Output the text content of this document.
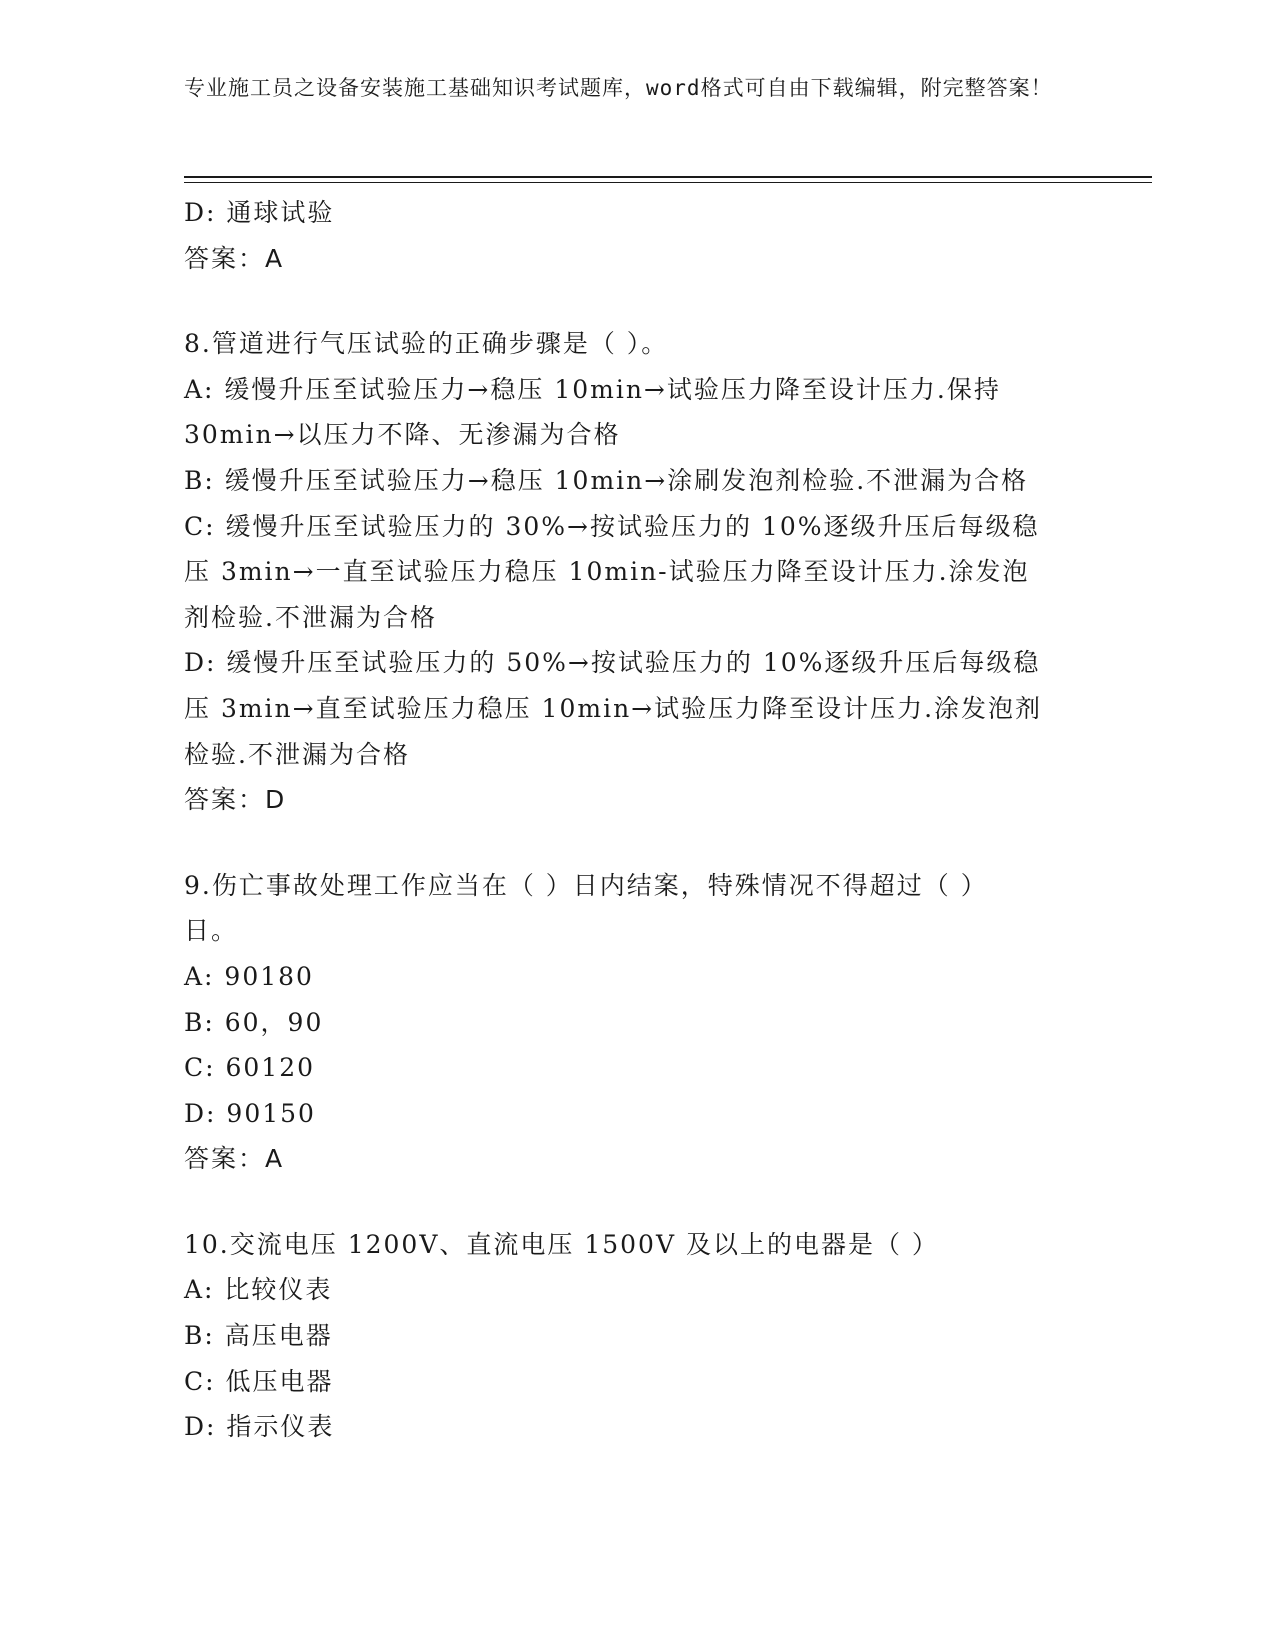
专业施工员之设备安装施工基础知识考试题库，word格式可自由下载编辑，附完整答案！
D: 通球试验
答案：A
8.管道进行气压试验的正确步骤是（ ）。
A: 缓慢升压至试验压力→稳压 10min→试验压力降至设计压力.保持
30min→以压力不降、无渗漏为合格
B: 缓慢升压至试验压力→稳压 10min→涂刷发泡剂检验.不泄漏为合格
C: 缓慢升压至试验压力的 30%→按试验压力的 10%逐级升压后每级稳
压 3min→一直至试验压力稳压 10min-试验压力降至设计压力.涂发泡
剂检验.不泄漏为合格
D: 缓慢升压至试验压力的 50%→按试验压力的 10%逐级升压后每级稳
压 3min→直至试验压力稳压 10min→试验压力降至设计压力.涂发泡剂
检验.不泄漏为合格
答案：D
9.伤亡事故处理工作应当在（ ）日内结案，特殊情况不得超过（ ）
日。
A: 90180
B: 60，90
C: 60120
D: 90150
答案：A
10.交流电压 1200V、直流电压 1500V 及以上的电器是（ ）
A: 比较仪表
B: 高压电器
C: 低压电器
D: 指示仪表
